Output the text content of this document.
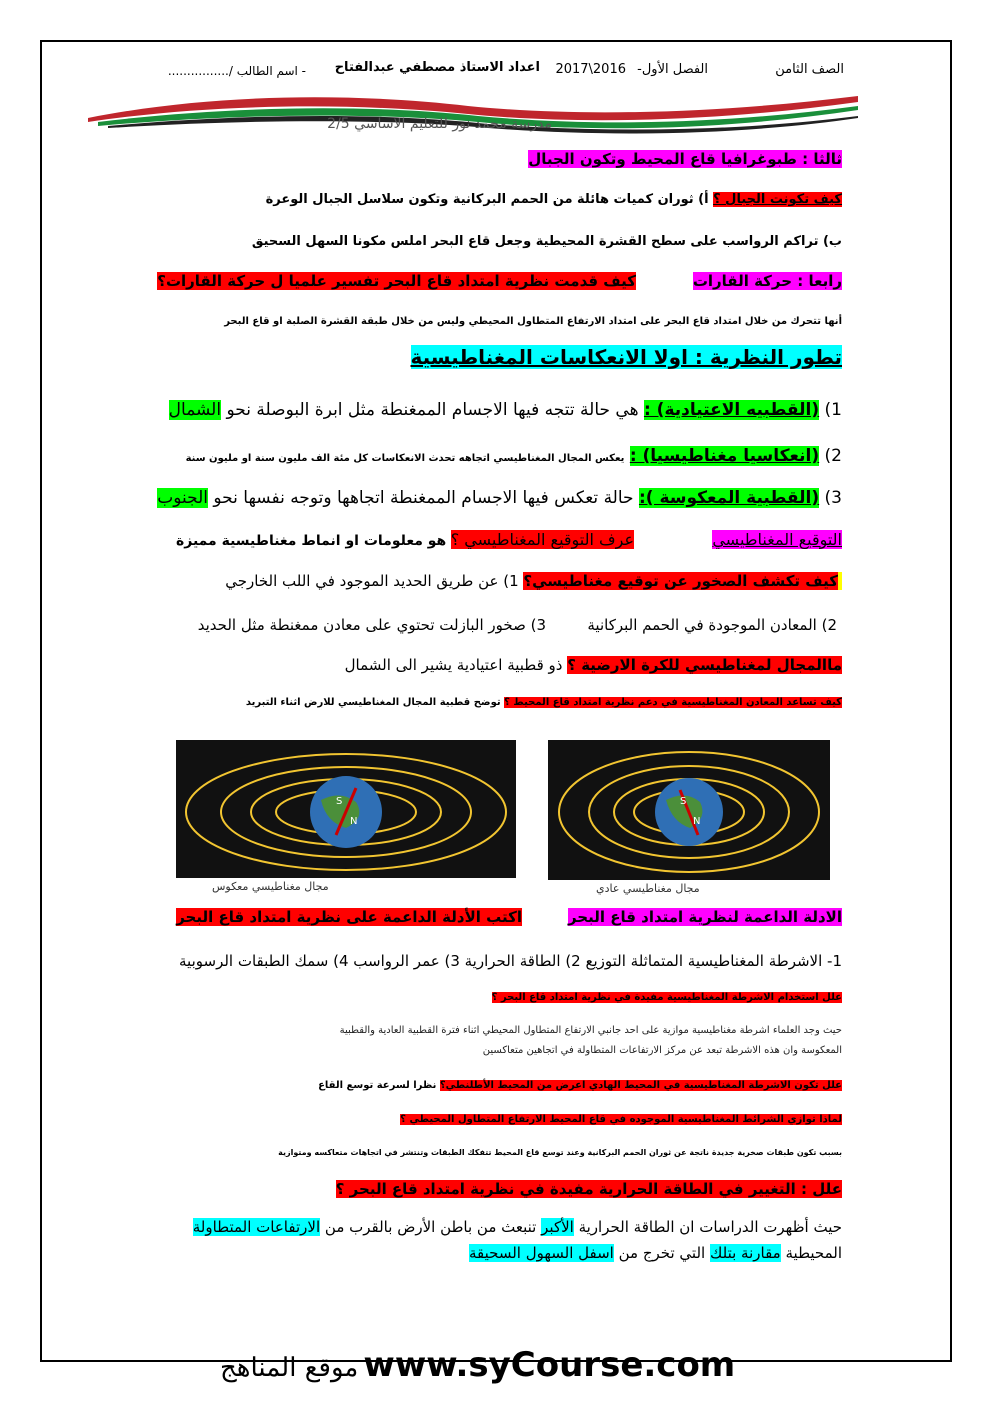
الصف الثامن
الفصل الأول-
2017\2016
اعداد الاستاذ مصطفي عبدالفتاح
- اسم الطالب /................
مدرسة محمد نور للتعليم الاساسي 2/5
ثالثا : طبوغرافيا قاع المحيط وتكون الجبال
كيف تكونت الجبال ؟ أ) ثوران كميات هائلة من الحمم البركانية وتكون سلاسل الجبال الوعرة
ب) تراكم الرواسب على سطح القشرة المحيطية وجعل قاع البحر املس مكونا السهل السحيق
رابعا : حركة القارات
كيف قدمت نظرية امتداد قاع البحر تفسير علميا ل حركة القارات؟
أنها تتحرك من خلال امتداد قاع البحر على امتداد الارتفاع المتطاول المحيطي وليس من خلال طبقة القشرة الصلبة او قاع البحر
تطور النظرية : اولا الانعكاسات المغناطيسية
1) (القطبيه الاعتيادية) : هي حالة تتجه فيها الاجسام الممغنطة مثل ابرة البوصلة نحو الشمال
2) (انعكاسيا مغناطيسيا) : يعكس المجال المغناطيسي اتجاهه تحدث الانعكاسات كل مئة الف مليون سنة او مليون سنة
3) (القطبية المعكوسة ): حالة تعكس فيها الاجسام الممغنطة اتجاهها وتوجه نفسها نحو الجنوب
التوقيع المغناطيسي
عرف التوقيع المغناطيسي ؟ هو معلومات او انماط مغناطيسية مميزة
كيف تكشف الصخور عن توقيع مغناطيسي؟ 1) عن طريق الحديد الموجود في اللب الخارجي
2) المعادن الموجودة في الحمم البركانية
3) صخور البازلت تحتوي على معادن ممغنطة مثل الحديد
ماالمجال لمغناطيسي للكرة الارضية ؟ ذو قطبية اعتيادية يشير الى الشمال
كيف تساعد المعادن المغناطيسية في دعم نظرية امتداد قاع المحيط ؟ توضح قطبية المجال المغناطيسي للارض اثناء التبريد
S
N
مجال مغناطيسي معكوس
S
N
مجال مغناطيسي عادي
الادلة الداعمة لنظرية امتداد قاع البحر
اكتب الأدلة الداعمة على نظرية امتداد قاع البحر
1- الاشرطة المغناطيسية المتماثلة التوزيع 2) الطاقة الحرارية 3) عمر الرواسب 4) سمك الطبقات الرسوبية
علل استخدام الاشرطة المغناطيسية مفيدة في نظرية امتداد قاع البحر ؟
حيث وجد العلماء اشرطة مغناطيسية موازية على احد جانبي الارتفاع المتطاول المحيطي اثناء فترة القطبية العادية والقطبية
المعكوسة وان هذه الاشرطة تبعد عن مركز الارتفاعات المتطاولة في اتجاهين متعاكسين
علل تكون الاشرطة المغناطيسية في المحيط الهادي اعرض من المحيط الأطلنطي؟ نظرا لسرعة توسع القاع
لماذا توازي الشرائط المغناطيسية الموجوده في قاع المحيط الارتفاع المتطاول المحيطي ؟
بسبب تكون طبقات صخرية جديدة ناتجة عن ثوران الحمم البركانية وعند توسع قاع المحيط تتفكك الطبقات وتنتشر في اتجاهات متعاكسه ومتوازية
علل : التغيير في الطاقة الحرارية مفيدة في نظرية امتداد قاع البحر ؟
حيث أظهرت الدراسات ان الطاقة الحرارية الأكبر تنبعث من باطن الأرض بالقرب من الارتفاعات المتطاولة
المحيطية مقارنة بتلك التي تخرج من اسفل السهول السحيقة
موقع المناهج www.syCourse.com
